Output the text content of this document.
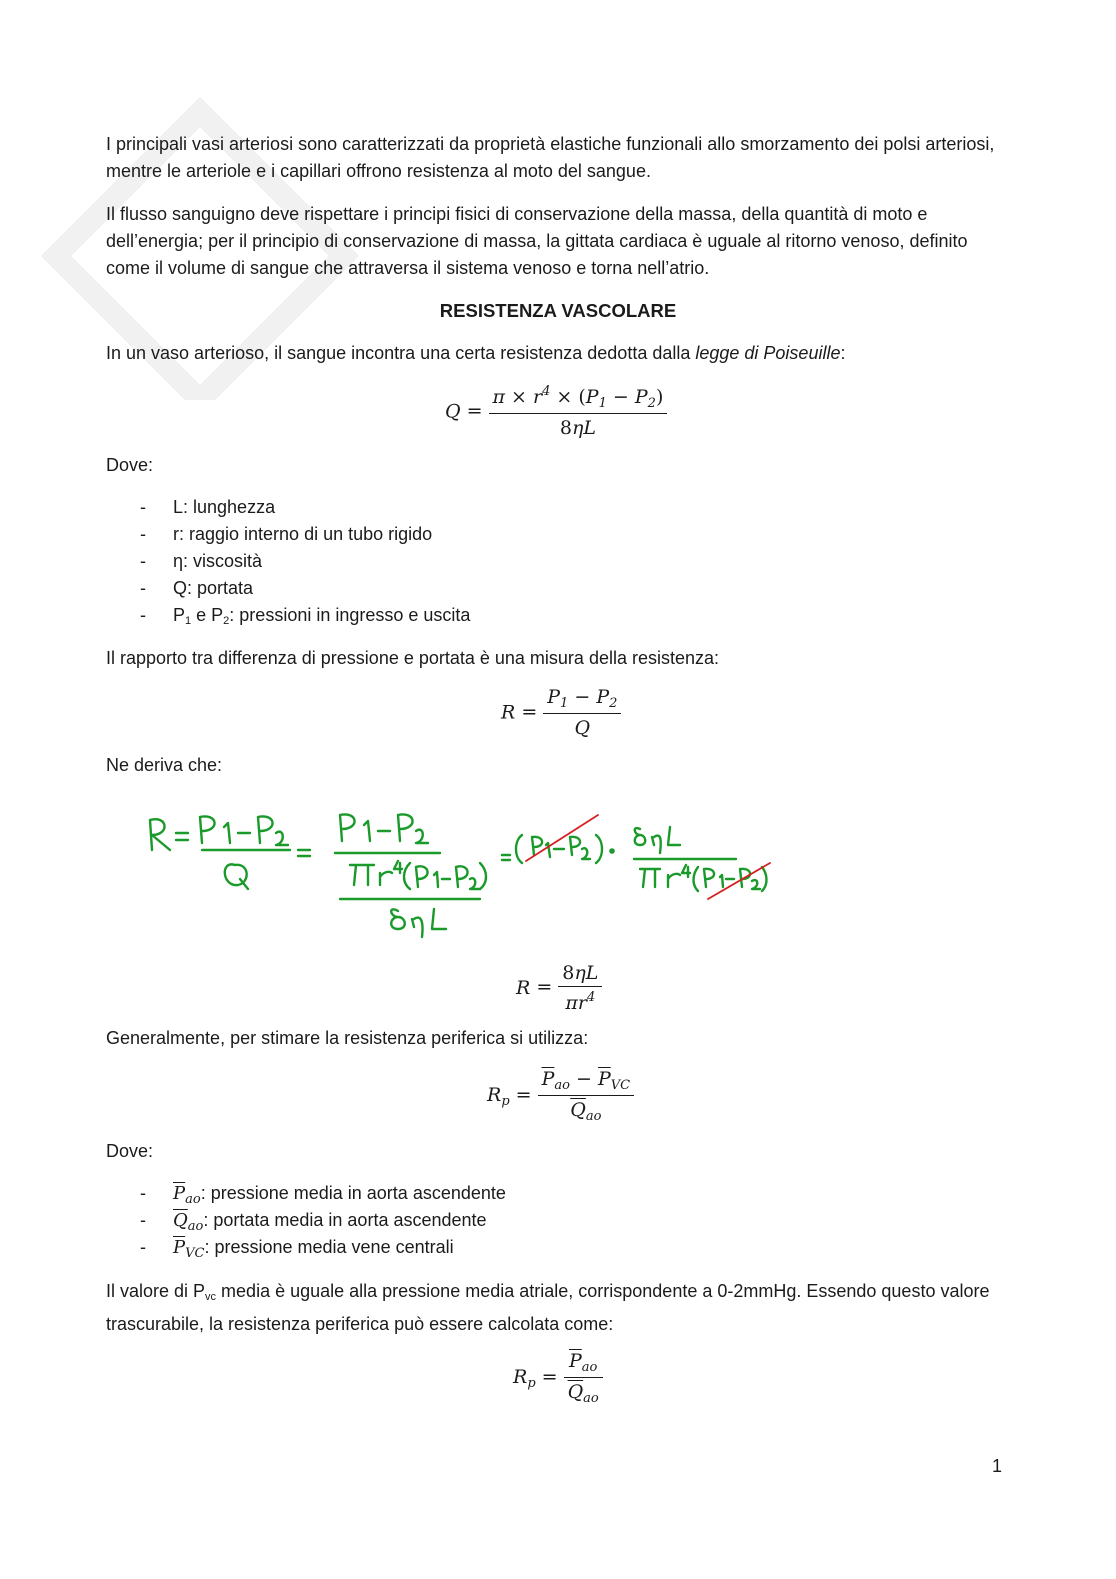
I principali vasi arteriosi sono caratterizzati da proprietà elastiche funzionali allo smorzamento dei polsi arteriosi, mentre le arteriole e i capillari offrono resistenza al moto del sangue.

Il flusso sanguigno deve rispettare i principi fisici di conservazione della massa, della quantità di moto e dell’energia; per il principio di conservazione di massa, la gittata cardiaca è uguale al ritorno venoso, definito come il volume di sangue che attraversa il sistema venoso e torna nell’atrio.

RESISTENZA VASCOLARE

In un vaso arterioso, il sangue incontra una certa resistenza dedotta dalla legge di Poiseuille:

$Q = \frac{\pi \times r^4 \times (P_1 - P_2)}{8\eta L}$

Dove:

- L: lunghezza
- r: raggio interno di un tubo rigido
- η: viscosità
- Q: portata
- P1 e P2: pressioni in ingresso e uscita

Il rapporto tra differenza di pressione e portata è una misura della resistenza:

$R = \frac{P_1 - P_2}{Q}$

Ne deriva che:

$R = \frac{8\eta L}{\pi r^4}$

Generalmente, per stimare la resistenza periferica si utilizza:

$R_p = \frac{\overline{P}_{ao} - \overline{P}_{VC}}{\overline{Q}_{ao}}$

Dove:

- $\overline{P}_{ao}$: pressione media in aorta ascendente
- $\overline{Q}_{ao}$: portata media in aorta ascendente
- $\overline{P}_{VC}$: pressione media vene centrali

Il valore di Pvc media è uguale alla pressione media atriale, corrispondente a 0-2mmHg. Essendo questo valore trascurabile, la resistenza periferica può essere calcolata come:

$R_p = \frac{\overline{P}_{ao}}{\overline{Q}_{ao}}$
1
